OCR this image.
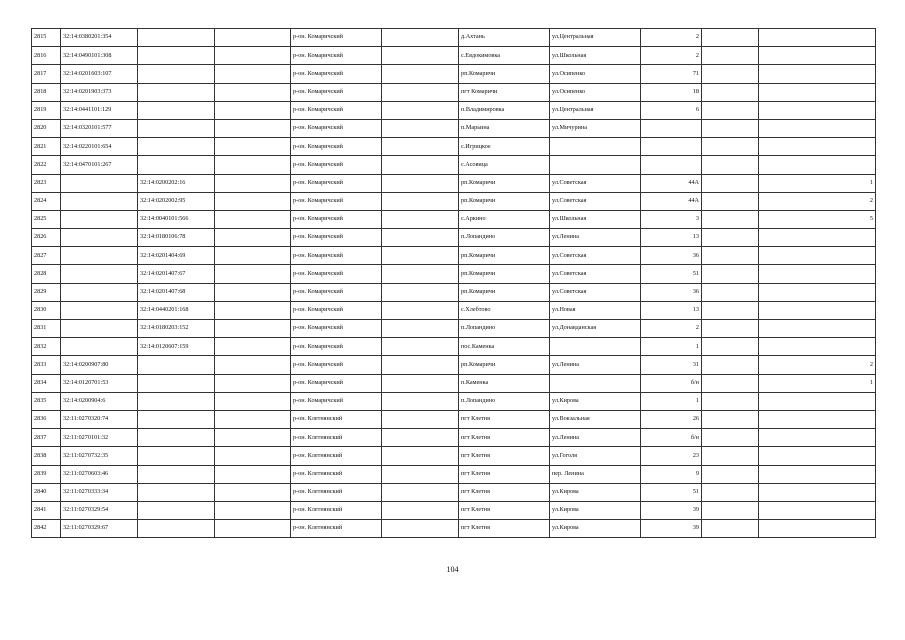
2815	32:14:0380201:354			р-он. Комаричский		д.Ахтань	ул.Центральная	2		
2816	32:14:0490101:308			р-он. Комаричский		с.Евдокимовка	ул.Школьная	2		
2817	32:14:0201603:107			р-он. Комаричский		рп.Комаричи	ул.Осипенко	71		
2818	32:14:0201903:373			р-он. Комаричский		пгт Комаричи	ул.Осипенко	18		
2819	32:14:0441101:129			р-он. Комаричский		п.Владимировка	ул.Центральная	6		
2820	32:14:0320101:577			р-он. Комаричский		п.Марьина	ул.Мичурина			
2821	32:14:0220101:654			р-он. Комаричский		с.Игрицкое				
2822	32:14:0470101:267			р-он. Комаричский		с.Асовица				
2823		32:14:0200202:16		р-он. Комаричский		рп.Комаричи	ул.Советская	44А		1
2824		32:14:0202002:95		р-он. Комаричский		рп.Комаричи	ул.Советская	44А		2
2825		32:14:0040101:566		р-он. Комаричский		с.Аркино	ул.Школьная	3		5
2826		32:14:0180106:78		р-он. Комаричский		п.Лопандино	ул.Ленина	13		
2827		32:14:0201404:69		р-он. Комаричский		рп.Комаричи	ул.Советская	36		
2828		32:14:0201407:67		р-он. Комаричский		рп.Комаричи	ул.Советская	51		
2829		32:14:0201407:68		р-он. Комаричский		рп.Комаричи	ул.Советская	36		
2830		32:14:0440201:168		р-он. Комаричский		с.Хлебтово	ул.Новая	13		
2831		32:14:0180203:152		р-он. Комаричский		п.Лопандино	ул.Донавданская	2		
2832		32:14:0120607:159		р-он. Комаричский		пос.Каменка		1		
2833	32:14:0200907:80			р-он. Комаричский		рп.Комаричи	ул.Ленина	31		2
2834	32:14:0120701:53			р-он. Комаричский		п.Каменка		б/н		1
2835	32:14:0200904:6			р-он. Комаричский		п.Лопандино	ул.Кирова	1		
2836	32:11:0270320:74			р-он. Клетнянский		пгт Клетня	ул.Вокзальная	26		
2837	32:11:0270101:32			р-он. Клетнянский		пгт Клетня	ул.Ленина	б/н		
2838	32:11:0270732:35			р-он. Клетнянский		пгт Клетня	ул.Гоголя	23		
2839	32:11:0270603:46			р-он. Клетнянский		пгт Клетня	пер. Ленина	9		
2840	32:11:0270333:34			р-он. Клетнянский		пгт Клетня	ул.Кирова	51		
2841	32:11:0270329:54			р-он. Клетнянский		пгт Клетня	ул.Кирова	39		
2842	32:11:0270329:67			р-он. Клетнянский		пгт Клетня	ул.Кирова	39		
104
